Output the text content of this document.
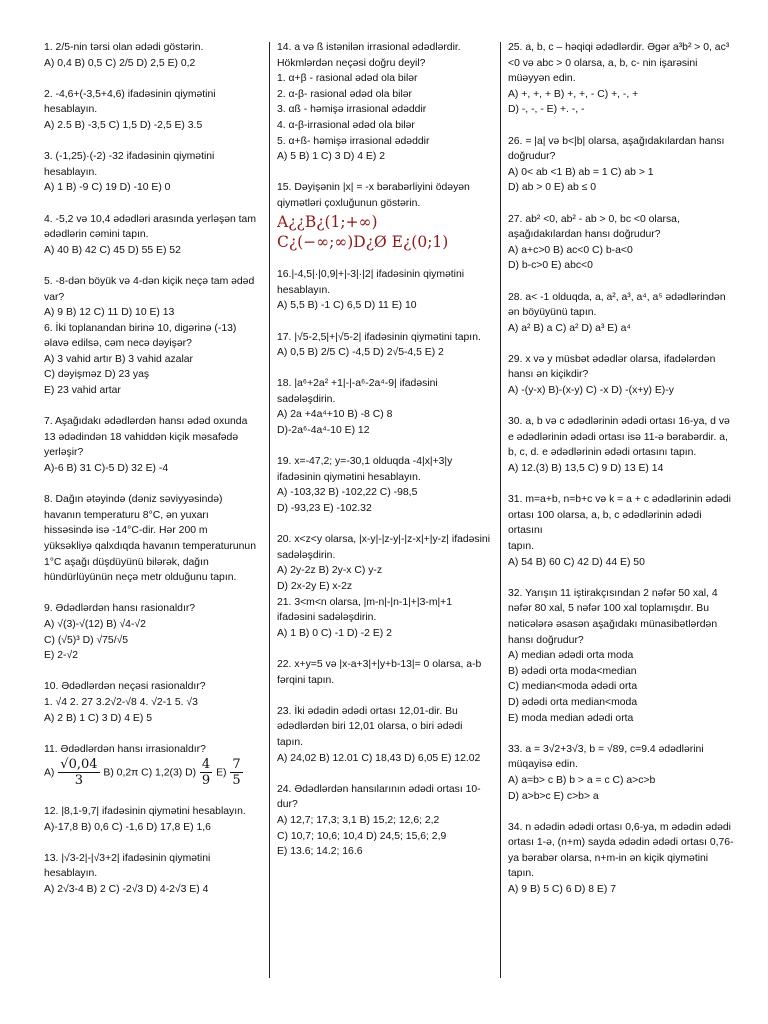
1. 2/5-nin tərsi olan ədədi göstərin.
A) 0,4 B) 0,5 C) 2/5 D) 2,5 E) 0,2

2. -4,6+(-3,5+4,6) ifadəsinin qiymətini hesablayın.
A) 2.5 B) -3,5 C) 1,5 D) -2,5 E) 3.5

3. (-1,25)·(-2) -32 ifadəsinin qiymətini hesablayın.
A) 1 B) -9 C) 19 D) -10 E) 0

4. -5,2 və 10,4 ədədləri arasında yerləşən tam ədədlərin cəmini tapın.
A) 40 B) 42 C) 45 D) 55 E) 52

5. -8-dən böyük və 4-dən kiçik neçə tam ədəd var?
A) 9 B) 12 C) 11 D) 10 E) 13

6. İki toplanandan birinə 10, digərinə (-13) əlavə edilsə, cəm necə dəyişər?
A) 3 vahid artır B) 3 vahid azalar
C) dəyişməz D) 23 yaş
E) 23 vahid artar

7. Aşağıdakı ədədlərdən hansı ədəd oxunda 13 ədədindən 18 vahiddən kiçik məsafədə yerləşir?
A)-6 B) 31 C)-5 D) 32 E) -4

8. Dağın ətəyində (dəniz səviyyəsində) havanın temperaturu 8°C, ən yuxarı hissəsində isə -14°C-dir. Hər 200 m yüksəkliyə qalxdıqda havanın temperaturunun 1°C aşağı düşdüyünü bilərək, dağın hündürlüyünün neçə metr olduğunu tapın.

9. Ədədlərdən hansı rasionaldır?
A) √(3)-√(12) B) √4-√2
C) (√5)³ D) √75/√5
E) 2-√2

10. Ədədlərdən neçəsi rasionaldır?
1. √4 2. 27 3.2√2-√8 4. √2-1 5. √3
A) 2 B) 1 C) 3 D) 4 E) 5

11. Ədədlərdən hansı irrasionaldır?

$A) \frac{√0,04}{3} B$) 0,2π C) 1,2(3) $D) \frac{4}{9} E) \frac{7}{5}$

12. |8,1-9,7| ifadəsinin qiymətini hesablayın.
A)-17,8 B) 0,6 C) -1,6 D) 17,8 E) 1,6

13. |√3-2|-|√3+2| ifadəsinin qiymətini hesablayın.
A) 2√3-4 B) 2 C) -2√3 D) 4-2√3 E) 4

14. a və ß istənilən irrasional ədədlərdir. Hökmlərdən neçəsi doğru deyil?
1. α+β - rasional ədəd ola bilər
2. α-β- rasional ədəd ola bilər
3. αß - həmişə irrasional ədəddir
4. α-β-irrasional ədəd ola bilər
5. α+ß- həmişə irrasional ədəddir
A) 5 B) 1 C) 3 D) 4 E) 2

15. Dəyişənin |x| = -x bərabərliyini ödəyən qiymətləri çoxluğunun göstərin.

A¿¿B¿(1;+∞)
C¿(−∞;∞)D¿Ø E¿(0;1)

16.|-4,5|·|0,9|+|-3|·|2| ifadəsinin qiymətini hesablayın.
A) 5,5 B) -1 C) 6,5 D) 11 E) 10

17. |√5-2,5|+|√5-2| ifadəsinin qiymətini tapın.
A) 0,5 B) 2/5 C) -4,5 D) 2√5-4,5 E) 2

18. |a⁶+2a² +1|-|-a⁶-2a⁴-9| ifadəsini sadələşdirin.
A) 2a +4a⁴+10 B) -8 C) 8
D)-2a⁶-4a⁴-10 E) 12

19. x=-47,2; y=-30,1 olduqda -4|x|+3|y ifadəsinin qiymətini hesablayın.
A) -103,32 B) -102,22 C) -98,5
D) -93,23 E) -102.32

20. x<z<y olarsa, |x-y|-|z-y|-|z-x|+|y-z| ifadəsini sadələşdirin.
A) 2y-2z B) 2y-x C) y-z
D) 2x-2y E) x-2z

21. 3<m<n olarsa, |m-n|-|n-1|+|3-m|+1 ifadəsini sadələşdirin.
A) 1 B) 0 C) -1 D) -2 E) 2

22. x+y=5 və |x-a+3|+|y+b-13|= 0 olarsa, a-b fərqini tapın.

23. İki ədədin ədədi ortası 12,01-dir. Bu ədədlərdən biri 12,01 olarsa, o biri ədədi tapın.
A) 24,02 B) 12.01 C) 18,43 D) 6,05 E) 12.02

24. Ədədlərdən hansılarının ədədi ortası 10-dur?
A) 12,7; 17,3; 3,1 B) 15,2; 12,6; 2,2
C) 10,7; 10,6; 10,4 D) 24,5; 15,6; 2,9
E) 13.6; 14.2; 16.6

25. a, b, c – həqiqi ədədlərdir. Əgər a³b² > 0, ac³ <0 və abc > 0 olarsa, a, b, c- nin işarəsini müəyyən edin.
A) +, +, + B) +, +, - C) +, -, +
D) -, -, - E) +. -, -

26. = |a| və b<|b| olarsa, aşağıdakılardan hansı doğrudur?
A) 0< ab <1 B) ab = 1 C) ab > 1
D) ab > 0 E) ab ≤ 0

27. ab² <0, ab² - ab > 0, bc <0 olarsa, aşağıdakılardan hansı doğrudur?
A) a+c>0 B) ac<0 C) b-a<0
D) b-c>0 E) abc<0

28. a< -1 olduqda, a, a², a³, a⁴, a⁵ ədədlərindən ən böyüyünü tapın.
A) a² B) a C) a² D) a³ E) a⁴

29. x və y müsbət ədədlər olarsa, ifadələrdən hansı ən kiçikdir?
A) -(y-x) B)-(x-y) C) -x D) -(x+y) E)-y

30. a, b və c ədədlərinin ədədi ortası 16-ya, d və e ədədlərinin ədədi ortası isə 11-ə bərabərdir. a, b, c, d. e ədədlərinin ədədi ortasını tapın.
A) 12.(3) B) 13,5 C) 9 D) 13 E) 14

31. m=a+b, n=b+c və k = a + c ədədlərinin ədədi ortası 100 olarsa, a, b, c ədədlərinin ədədi ortasını
tapın.
A) 54 B) 60 C) 42 D) 44 E) 50

32. Yarışın 11 iştirakçısından 2 nəfər 50 xal, 4 nəfər 80 xal, 5 nəfər 100 xal toplamışdır. Bu nəticələrə əsasən aşağıdakı münasibətlərdən hansı doğrudur?
A) median ədədi orta moda
B) ədədi orta moda<median
C) median<moda ədədi orta
D) ədədi orta median<moda
E) moda median ədədi orta

33. a = 3√2+3√3, b = √89, c=9.4 ədədlərini müqayisə edin.
A) a=b> c B) b > a = c C) a>c>b
D) a>b>c E) c>b> a

34. n ədədin ədədi ortası 0,6-ya, m ədədin ədədi ortası 1-ə, (n+m) sayda ədədin ədədi ortası 0,76-ya bərabər olarsa, n+m-in ən kiçik qiymətini tapın.
A) 9 B) 5 C) 6 D) 8 E) 7
